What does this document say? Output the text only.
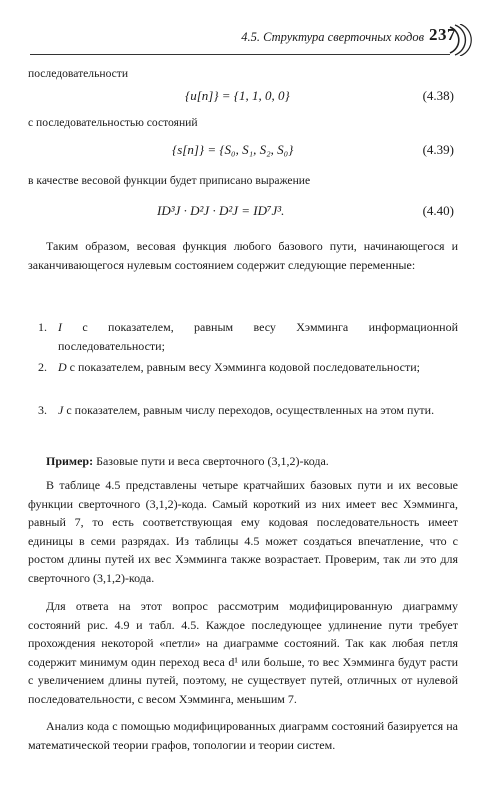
4.5. Структура сверточных кодов 237
последовательности
{u[n]} = {1, 1, 0, 0}	(4.38)
с последовательностью состояний
{s[n]} = {S₀, S₁, S₂, S₀}	(4.39)
в качестве весовой функции будет приписано выражение
ID³J · D²J · D²J = ID⁷J³.	(4.40)
Таким образом, весовая функция любого базового пути, начинающегося и заканчивающегося нулевым состоянием содержит следующие переменные:
1. I с показателем, равным весу Хэмминга информационной последовательности;
2. D с показателем, равным весу Хэмминга кодовой последовательности;
3. J с показателем, равным числу переходов, осуществленных на этом пути.
Пример: Базовые пути и веса сверточного (3,1,2)-кода.
В таблице 4.5 представлены четыре кратчайших базовых пути и их весовые функции сверточного (3,1,2)-кода. Самый короткий из них имеет вес Хэмминга, равный 7, то есть соответствующая ему кодовая последовательность имеет единицы в семи разрядах. Из таблицы 4.5 может создаться впечатление, что с ростом длины путей их вес Хэмминга также возрастает. Проверим, так ли это для сверточного (3,1,2)-кода.
Для ответа на этот вопрос рассмотрим модифицированную диаграмму состояний рис. 4.9 и табл. 4.5. Каждое последующее удлинение пути требует прохождения некоторой «петли» на диаграмме состояний. Так как любая петля содержит минимум один переход веса d¹ или больше, то вес Хэмминга будут расти с увеличением длины путей, поэтому, не существует путей, отличных от нулевой последовательности, с весом Хэмминга, меньшим 7.
Анализ кода с помощью модифицированных диаграмм состояний базируется на математической теории графов, топологии и теории систем.
